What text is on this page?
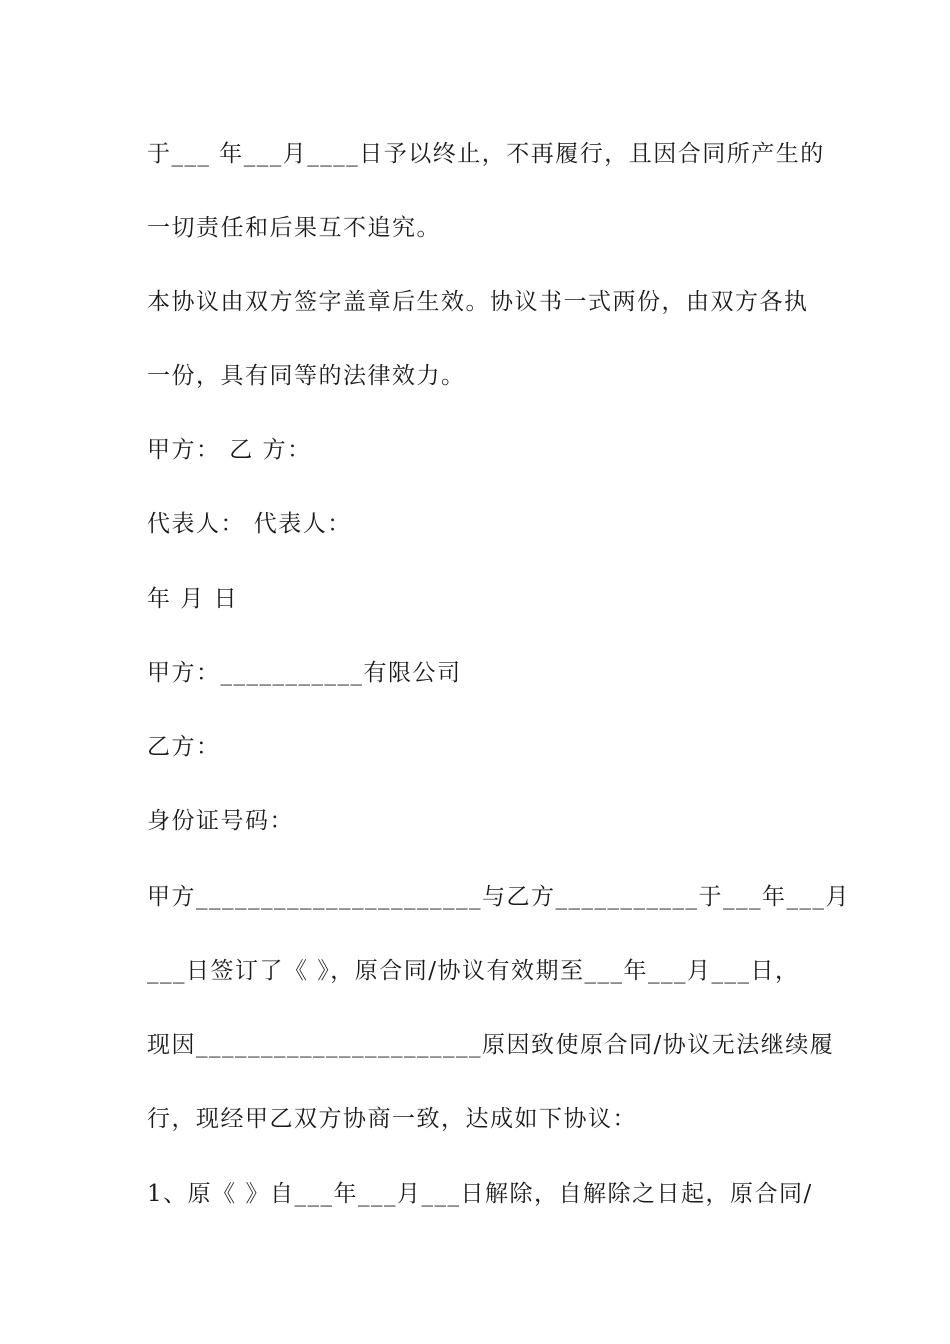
于___ 年___月____日予以终止，不再履行，且因合同所产生的
一切责任和后果互不追究。
本协议由双方签字盖章后生效。协议书一式两份，由双方各执
一份，具有同等的法律效力。
甲方： 乙 方：
代表人： 代表人：
年 月 日
甲方：___________有限公司
乙方：
身份证号码：
甲方______________________与乙方___________于___年___月
___日签订了《 》，原合同/协议有效期至___年___月___日，
现因______________________原因致使原合同/协议无法继续履
行，现经甲乙双方协商一致，达成如下协议：
1、原《 》自___年___月___日解除，自解除之日起，原合同/
